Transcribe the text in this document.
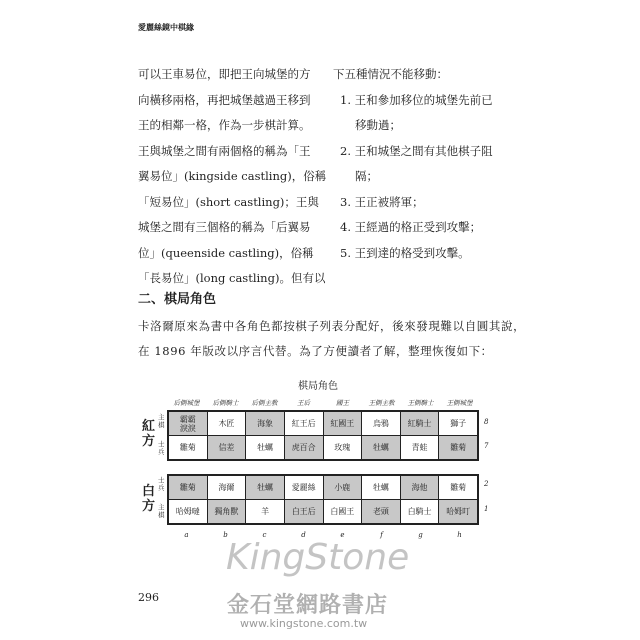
愛麗絲鏡中棋緣
可以王車易位，即把王向城堡的方
向橫移兩格，再把城堡越過王移到
王的相鄰一格，作為一步棋計算。
王與城堡之間有兩個格的稱為「王
翼易位」(kingside castling)，俗稱
「短易位」(short castling)；王與
城堡之間有三個格的稱為「后翼易
位」(queenside castling)，俗稱
「長易位」(long castling)。但有以
下五種情況不能移動：
1. 王和參加移位的城堡先前已
移動過；
2. 王和城堡之間有其他棋子阻
隔；
3. 王正被將軍；
4. 王經過的格正受到攻擊；
5. 王到達的格受到攻擊。
二、棋局角色
卡洛爾原來為書中各角色都按棋子列表分配好，後來發現難以自圓其說，
在 1896 年版改以序言代替。為了方便讀者了解，整理恢復如下：
棋局角色
后側城堡	后側騎士	后側主教	王后	國王	王側主教	王側騎士	王側城堡
紅方
主棋
士兵
霸霸
淚淚	木匠	海象	紅王后	紅國王	烏鴉	紅騎士	獅子
雛菊	信差	牡蠣	虎百合	玫瑰	牡蠣	青蛙	雛菊
8
7
白方
士兵
主棋
雛菊	海爾	牡蠣	愛麗絲	小鹿	牡蠣	海他	雛菊
哈姆噠	獨角獸	羊	白王后	白國王	老頭	白騎士	哈姆叮
2
1
a	b	c	d	e	f	g	h
KingStone
296	金石堂網路書店
www.kingstone.com.tw
